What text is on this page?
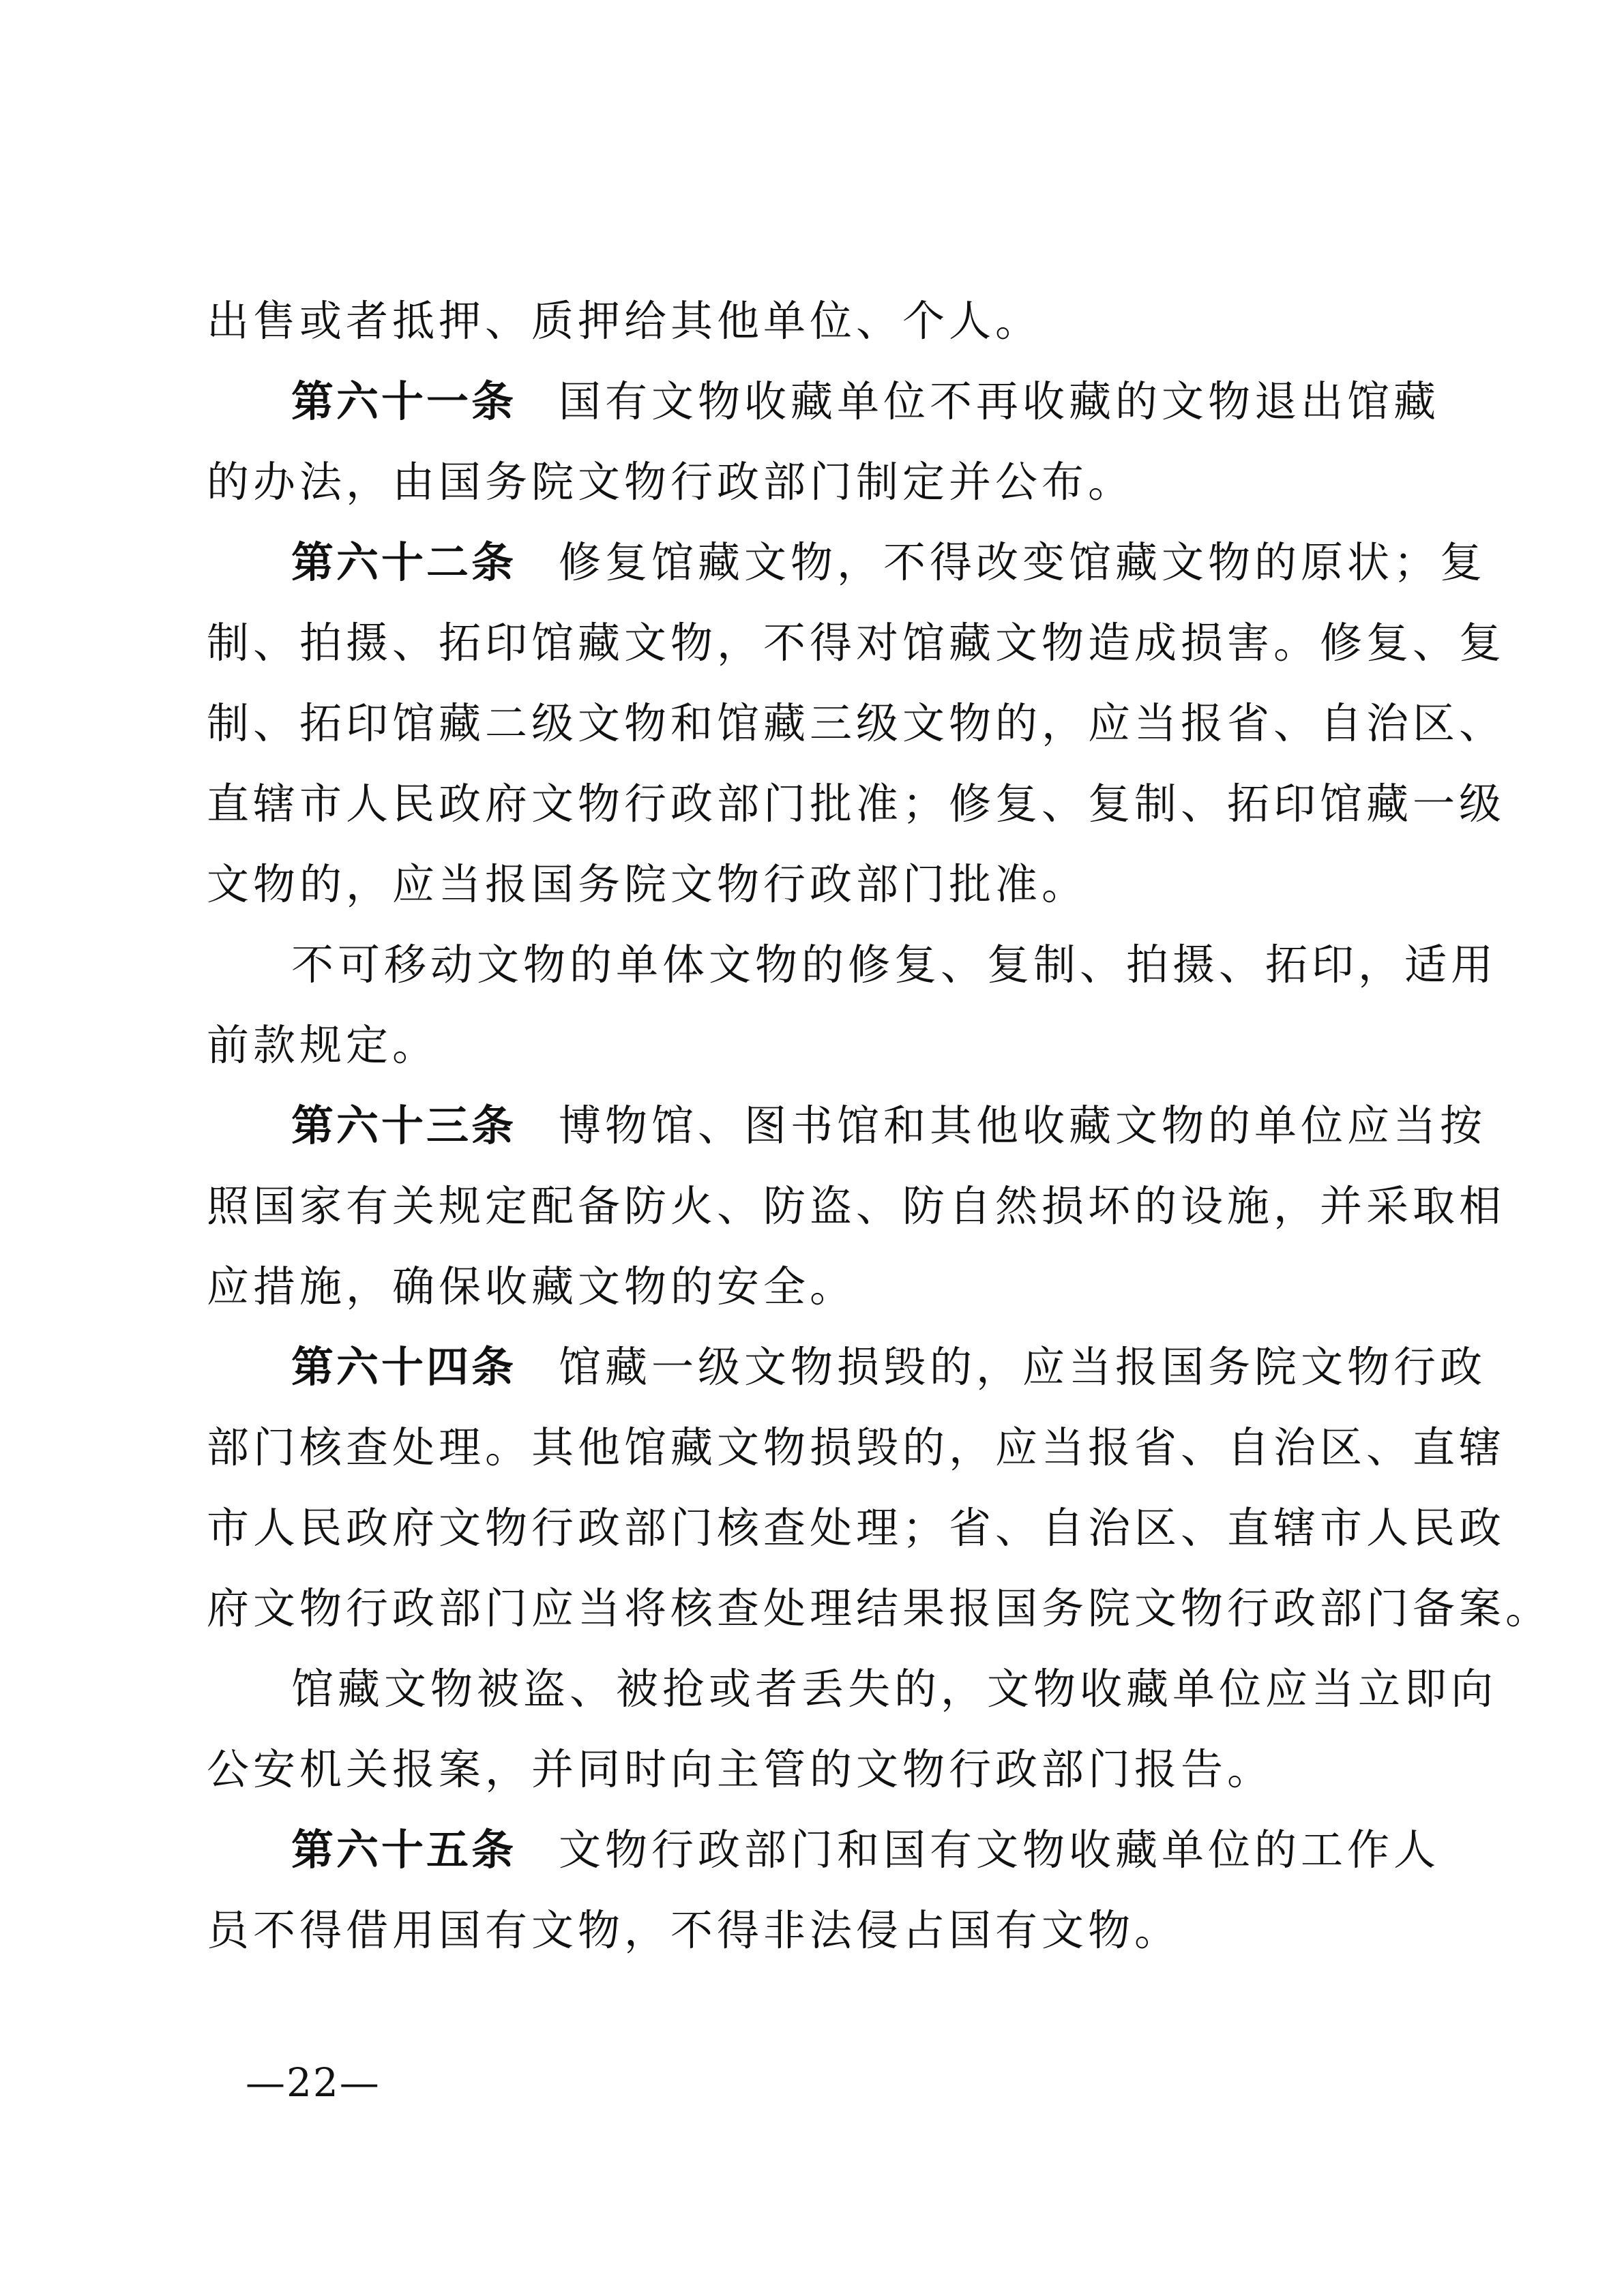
出售或者抵押、质押给其他单位、个人。
第六十一条 国有文物收藏单位不再收藏的文物退出馆藏
的办法，由国务院文物行政部门制定并公布。
第六十二条 修复馆藏文物，不得改变馆藏文物的原状；复
制、拍摄、拓印馆藏文物，不得对馆藏文物造成损害。修复、复
制、拓印馆藏二级文物和馆藏三级文物的，应当报省、自治区、
直辖市人民政府文物行政部门批准；修复、复制、拓印馆藏一级
文物的，应当报国务院文物行政部门批准。
不可移动文物的单体文物的修复、复制、拍摄、拓印，适用
前款规定。
第六十三条 博物馆、图书馆和其他收藏文物的单位应当按
照国家有关规定配备防火、防盗、防自然损坏的设施，并采取相
应措施，确保收藏文物的安全。
第六十四条 馆藏一级文物损毁的，应当报国务院文物行政
部门核查处理。其他馆藏文物损毁的，应当报省、自治区、直辖
市人民政府文物行政部门核查处理；省、自治区、直辖市人民政
府文物行政部门应当将核查处理结果报国务院文物行政部门备案。
馆藏文物被盗、被抢或者丢失的，文物收藏单位应当立即向
公安机关报案，并同时向主管的文物行政部门报告。
第六十五条 文物行政部门和国有文物收藏单位的工作人
员不得借用国有文物，不得非法侵占国有文物。
—22—
